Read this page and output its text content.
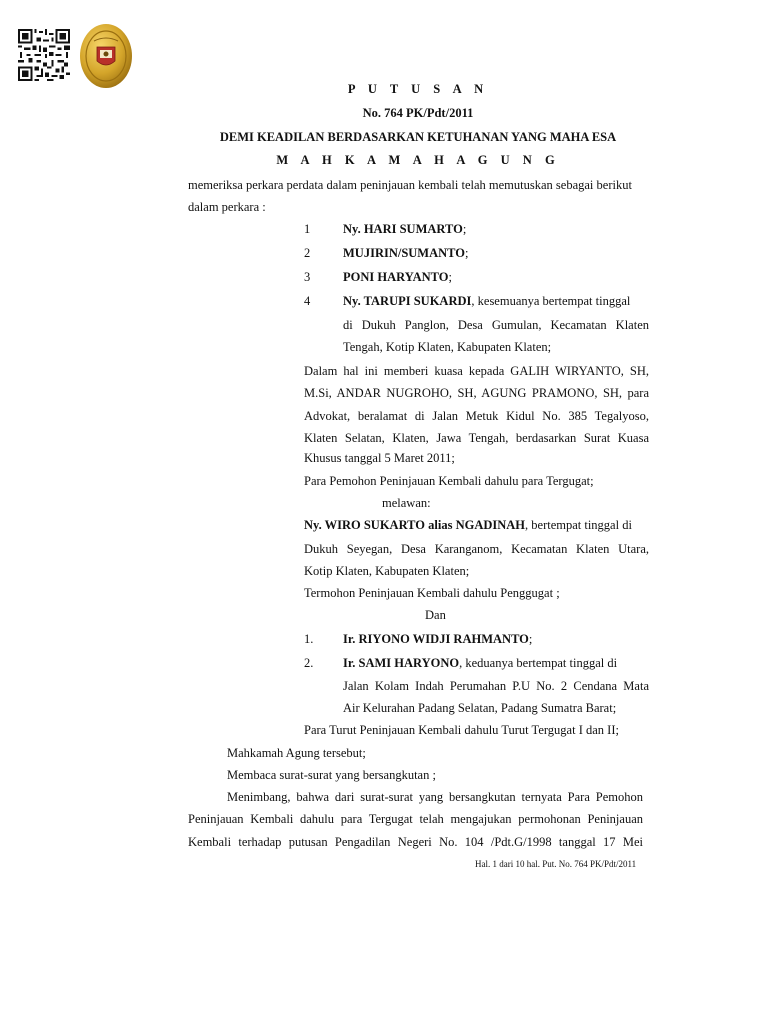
P U T U S A N
No. 764 PK/Pdt/2011
DEMI KEADILAN BERDASARKAN KETUHANAN YANG MAHA ESA
M A H K A M A H A G U N G
memeriksa perkara perdata dalam peninjauan kembali telah memutuskan sebagai berikut
dalam perkara :
1	Ny. HARI SUMARTO;
2	MUJIRIN/SUMANTO;
3	PONI HARYANTO;
4	Ny. TARUPI SUKARDI, kesemuanya bertempat tinggal
di Dukuh Panglon, Desa Gumulan, Kecamatan Klaten
Tengah, Kotip Klaten, Kabupaten Klaten;
Dalam hal ini memberi kuasa kepada GALIH WIRYANTO, SH,
M.Si, ANDAR NUGROHO, SH, AGUNG PRAMONO, SH, para
Advokat, beralamat di Jalan Metuk Kidul No. 385 Tegalyoso,
Klaten Selatan, Klaten, Jawa Tengah, berdasarkan Surat Kuasa
Khusus tanggal 5 Maret 2011;
Para Pemohon Peninjauan Kembali dahulu para Tergugat;
melawan:
Ny. WIRO SUKARTO alias NGADINAH, bertempat tinggal di
Dukuh Seyegan, Desa Karanganom, Kecamatan Klaten Utara,
Kotip Klaten, Kabupaten Klaten;
Termohon Peninjauan Kembali dahulu Penggugat ;
Dan
1. Ir. RIYONO WIDJI RAHMANTO;
2. Ir. SAMI HARYONO, keduanya bertempat tinggal di
Jalan Kolam Indah Perumahan P.U No. 2 Cendana Mata
Air Kelurahan Padang Selatan, Padang Sumatra Barat;
Para Turut Peninjauan Kembali dahulu Turut Tergugat I dan II;
Mahkamah Agung tersebut;
Membaca surat-surat yang bersangkutan ;
Menimbang, bahwa dari surat-surat yang bersangkutan ternyata Para Pemohon
Peninjauan Kembali dahulu para Tergugat telah mengajukan permohonan Peninjauan
Kembali terhadap putusan Pengadilan Negeri No. 104 /Pdt.G/1998 tanggal 17 Mei
Hal. 1 dari 10 hal. Put. No. 764 PK/Pdt/2011
